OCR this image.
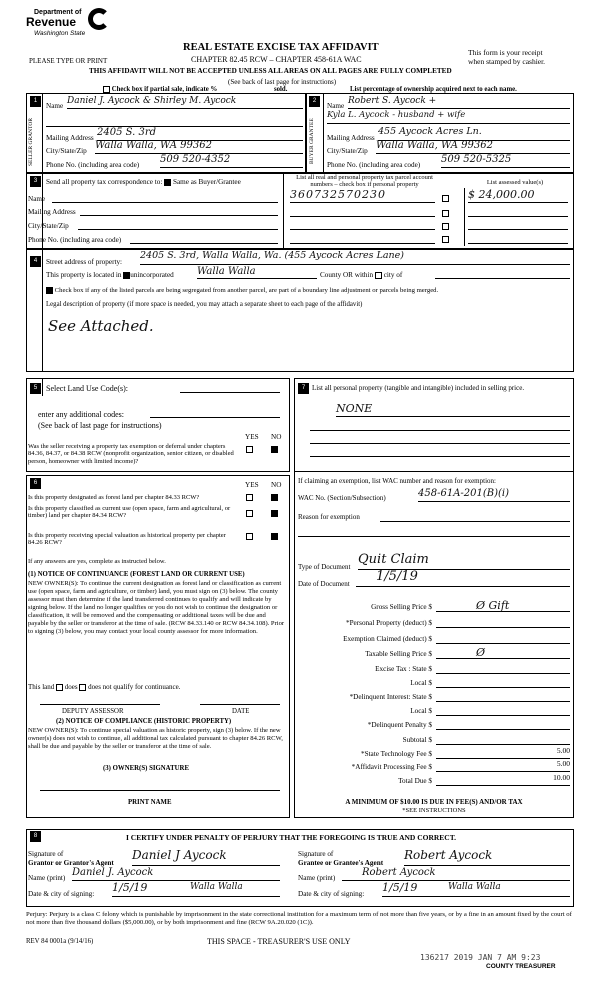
Department of
Revenue
Washington State
PLEASE TYPE OR PRINT
REAL ESTATE EXCISE TAX AFFIDAVIT
CHAPTER 82.45 RCW – CHAPTER 458-61A WAC
THIS AFFIDAVIT WILL NOT BE ACCEPTED UNLESS ALL AREAS ON ALL PAGES ARE FULLY COMPLETED
This form is your receipt
when stamped by cashier.
(See back of last page for instructions)
Check box if partial sale, indicate %	sold.	List percentage of ownership acquired next to each name.
1	2
SELLER GRANTOR	BUYER GRANTEE
Name Daniel J. Aycock & Shirley M. Aycock
Mailing Address 2405 S. 3rd
City/State/Zip Walla Walla, WA 99362
Phone No. (including area code) 509 520-4352
Name Robert S. Aycock +
Kyla L. Aycock - husband + wife
Mailing Address
455 Aycock Acres Ln.
City/State/Zip Walla Walla, WA 99362
Phone No. (including area code) 509 520-5325
3	Send all property tax correspondence to: Same as Buyer/Grantee
Name
Mailing Address
City/State/Zip
Phone No. (including area code)
List all real and personal property tax parcel account numbers – check box if personal property	List assessed value(s)
360732570230	$ 24,000.00
4	Street address of property:
2405 S. 3rd, Walla Walla, Wa. (455 Aycock Acres Lane)
This property is located in unincorporated Walla Walla	County OR within city of
Check box if any of the listed parcels are being segregated from another parcel, are part of a boundary line adjustment or parcels being merged.
Legal description of property (if more space is needed, you may attach a separate sheet to each page of the affidavit)
See Attached.
5	Select Land Use Code(s):
enter any additional codes:
(See back of last page for instructions)
YES NO
Was the seller receiving a property tax exemption or deferral under chapters 84.36, 84.37, or 84.38 RCW (nonprofit organization, senior citizen, or disabled person, homeowner with limited income)?
6	YES NO
Is this property designated as forest land per chapter 84.33 RCW?
Is this property classified as current use (open space, farm and agricultural, or timber) land per chapter 84.34 RCW?
Is this property receiving special valuation as historical property per chapter 84.26 RCW?
If any answers are yes, complete as instructed below.
(1) NOTICE OF CONTINUANCE (FOREST LAND OR CURRENT USE)
NEW OWNER(S): To continue the current designation as forest land or classification as current use (open space, farm and agriculture, or timber) land, you must sign on (3) below. The county assessor must then determine if the land transferred continues to qualify and will indicate by signing below. If the land no longer qualifies or you do not wish to continue the designation or classification, it will be removed and the compensating or additional taxes will be due and payable by the seller or transferor at the time of sale. (RCW 84.33.140 or RCW 84.34.108). Prior to signing (3) below, you may contact your local county assessor for more information.
This land does does not qualify for continuance.
DEPUTY ASSESSOR	DATE
(2) NOTICE OF COMPLIANCE (HISTORIC PROPERTY)
NEW OWNER(S): To continue special valuation as historic property, sign (3) below. If the new owner(s) does not wish to continue, all additional tax calculated pursuant to chapter 84.26 RCW, shall be due and payable by the seller or transferor at the time of sale.
(3) OWNER(S) SIGNATURE
PRINT NAME
7 List all personal property (tangible and intangible) included in selling price.
NONE
If claiming an exemption, list WAC number and reason for exemption:
WAC No. (Section/Subsection)	458-61A-201(B)(i)
Reason for exemption
Type of Document Quit Claim
Date of Document	1/5/19
Gross Selling Price $	Ø Gift
*Personal Property (deduct) $
Exemption Claimed (deduct) $
Taxable Selling Price $	Ø
Excise Tax : State $
Local $
*Delinquent Interest: State $
Local $
*Delinquent Penalty $
Subtotal $
*State Technology Fee $	5.00
*Affidavit Processing Fee $	5.00
Total Due $	10.00
A MINIMUM OF $10.00 IS DUE IN FEE(S) AND/OR TAX
*SEE INSTRUCTIONS
8	I CERTIFY UNDER PENALTY OF PERJURY THAT THE FOREGOING IS TRUE AND CORRECT.
Signature of
Grantor or Grantor's Agent
Daniel J Aycock
Name (print) Daniel J. Aycock
Date & city of signing: 1/5/19	Walla Walla
Signature of
Grantee or Grantee's Agent
Robert Aycock
Name (print)	Robert Aycock
Date & city of signing: 1/5/19	Walla Walla
Perjury: Perjury is a class C felony which is punishable by imprisonment in the state correctional institution for a maximum term of not more than five years, or by a fine in an amount fixed by the court of not more than five thousand dollars ($5,000.00), or by both imprisonment and fine (RCW 9A.20.020 (1C)).
REV 84 0001a (9/14/16)	THIS SPACE - TREASURER'S USE ONLY
136217 2019 JAN 7 AM 9:23
COUNTY TREASURER
